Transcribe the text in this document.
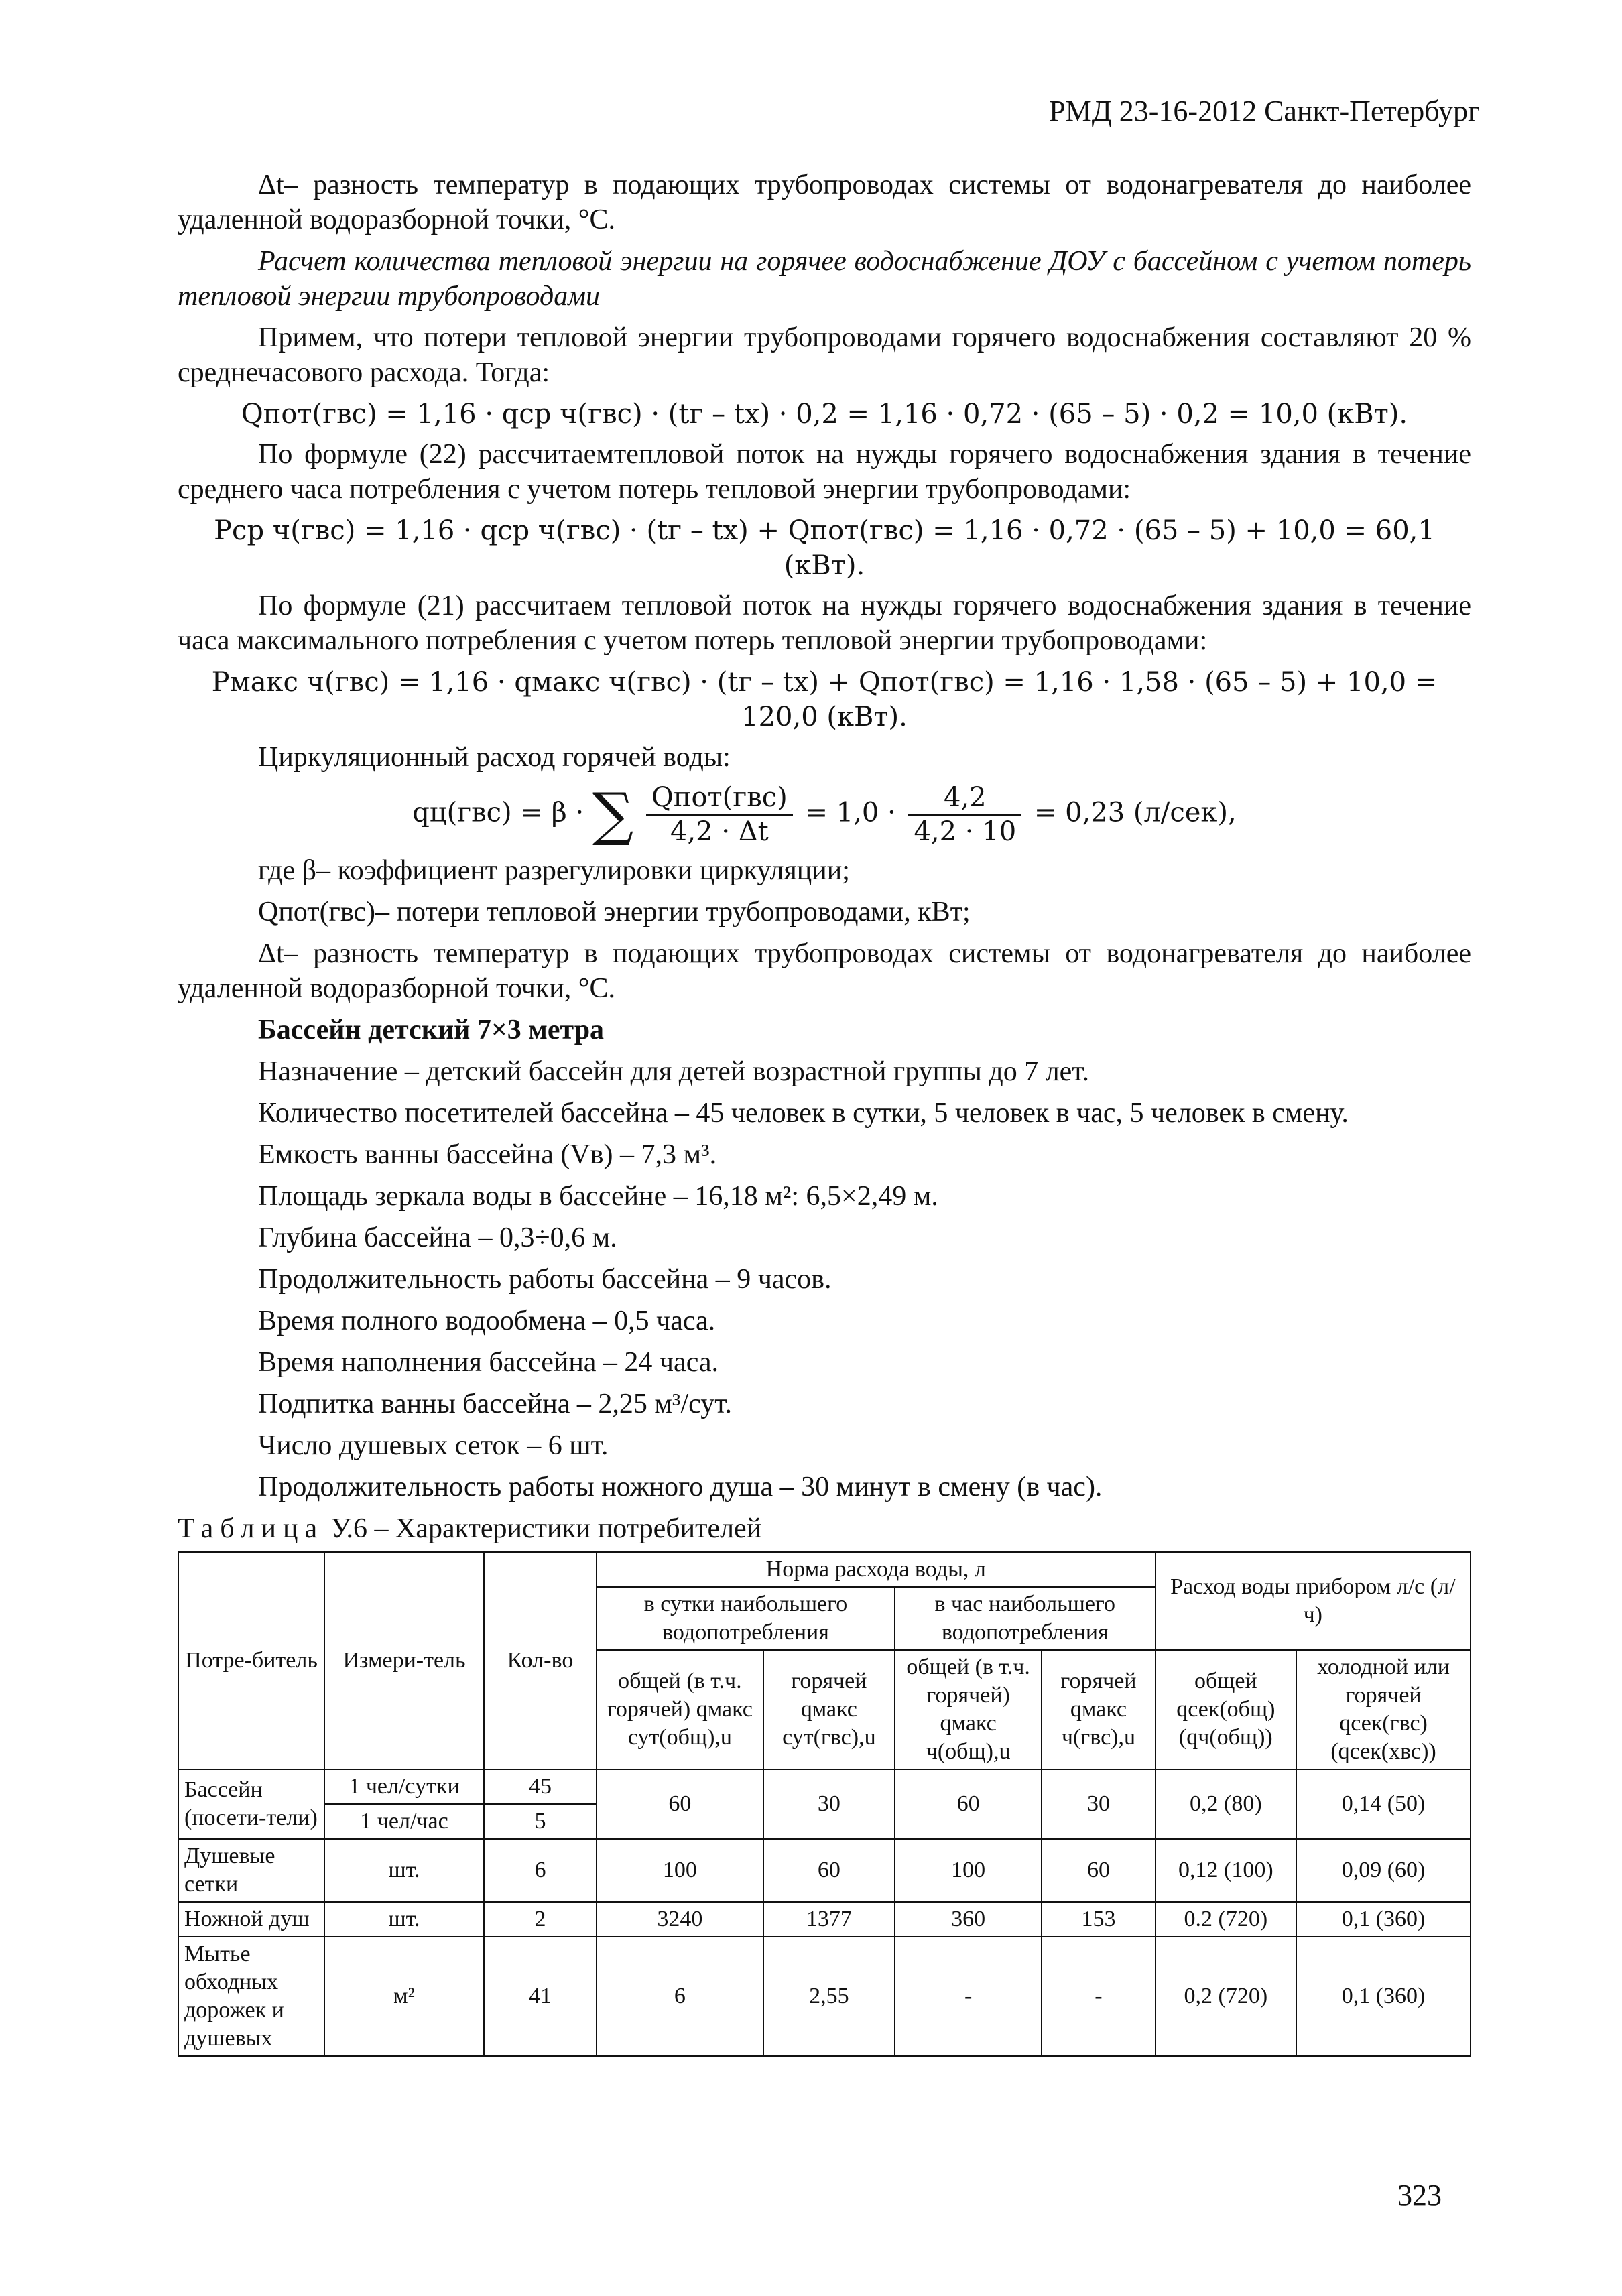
РМД 23-16-2012 Санкт-Петербург

Δt– разность температур в подающих трубопроводах системы от водонагревателя до наиболее удаленной водоразборной точки, °С.

Расчет количества тепловой энергии на горячее водоснабжение ДОУ с бассейном с учетом потерь тепловой энергии трубопроводами

Примем, что потери тепловой энергии трубопроводами горячего водоснабжения составляют 20 % среднечасового расхода. Тогда:

Qпот(гвс) = 1,16 · qср ч(гвс) · (tг – tх) · 0,2 = 1,16 · 0,72 · (65 – 5) · 0,2 = 10,0 (кВт).

По формуле (22) рассчитаемтепловой поток на нужды горячего водоснабжения здания в течение среднего часа потребления с учетом потерь тепловой энергии трубопроводами:

Pср ч(гвс) = 1,16 · qср ч(гвс) · (tг – tх) + Qпот(гвс) = 1,16 · 0,72 · (65 – 5) + 10,0 = 60,1 (кВт).

По формуле (21) рассчитаем тепловой поток на нужды горячего водоснабжения здания в течение часа максимального потребления с учетом потерь тепловой энергии трубопроводами:

Pмакс ч(гвс) = 1,16 · qмакс ч(гвс) · (tг – tх) + Qпот(гвс) = 1,16 · 1,58 · (65 – 5) + 10,0 = 120,0 (кВт).

Циркуляционный расход горячей воды:

qц(гвс) = β · ∑ $\frac{\text{Qпот(гвс)}}{4,2 \cdot \Delta t} = 1,0 \cdot \frac{4,2}{4,2 \cdot 10} = 0,23$ (л/сек),

где β– коэффициент разрегулировки циркуляции;

Qпот(гвс)– потери тепловой энергии трубопроводами, кВт;

Δt– разность температур в подающих трубопроводах системы от водонагревателя до наиболее удаленной водоразборной точки, °С.

Бассейн детский 7×3 метра

Назначение – детский бассейн для детей возрастной группы до 7 лет.

Количество посетителей бассейна – 45 человек в сутки, 5 человек в час, 5 человек в смену.

Емкость ванны бассейна (Vв) – 7,3 м³.

Площадь зеркала воды в бассейне – 16,18 м²: 6,5×2,49 м.

Глубина бассейна – 0,3÷0,6 м.

Продолжительность работы бассейна – 9 часов.

Время полного водообмена – 0,5 часа.

Время наполнения бассейна – 24 часа.

Подпитка ванны бассейна – 2,25 м³/сут.

Число душевых сеток – 6 шт.

Продолжительность работы ножного душа – 30 минут в смену (в час).

Таблица У.6 – Характеристики потребителей
Потре-битель	Измери-тель	Кол-во	Норма расхода воды, л				Расход воды прибором л/с (л/ч)	
			в сутки наибольшего водопотребления		в час наибольшего водопотребления			
			общей (в т.ч. горячей) qмакс сут(общ),u	горячей qмакс сут(гвс),u	общей (в т.ч. горячей) qмакс ч(общ),u	горячей qмакс ч(гвс),u	общей qсек(общ) (qч(общ))	холодной или горячей qсек(гвс) (qсек(хвс))
Бассейн (посети-тели)	1 чел/сутки	45	60	30	60	30	0,2 (80)	0,14 (50)
	1 чел/час	5						
Душевые сетки	шт.	6	100	60	100	60	0,12 (100)	0,09 (60)
Ножной душ	шт.	2	3240	1377	360	153	0.2 (720)	0,1 (360)
Мытье обходных дорожек и душевых	м²	41	6	2,55	-	-	0,2 (720)	0,1 (360)
323
